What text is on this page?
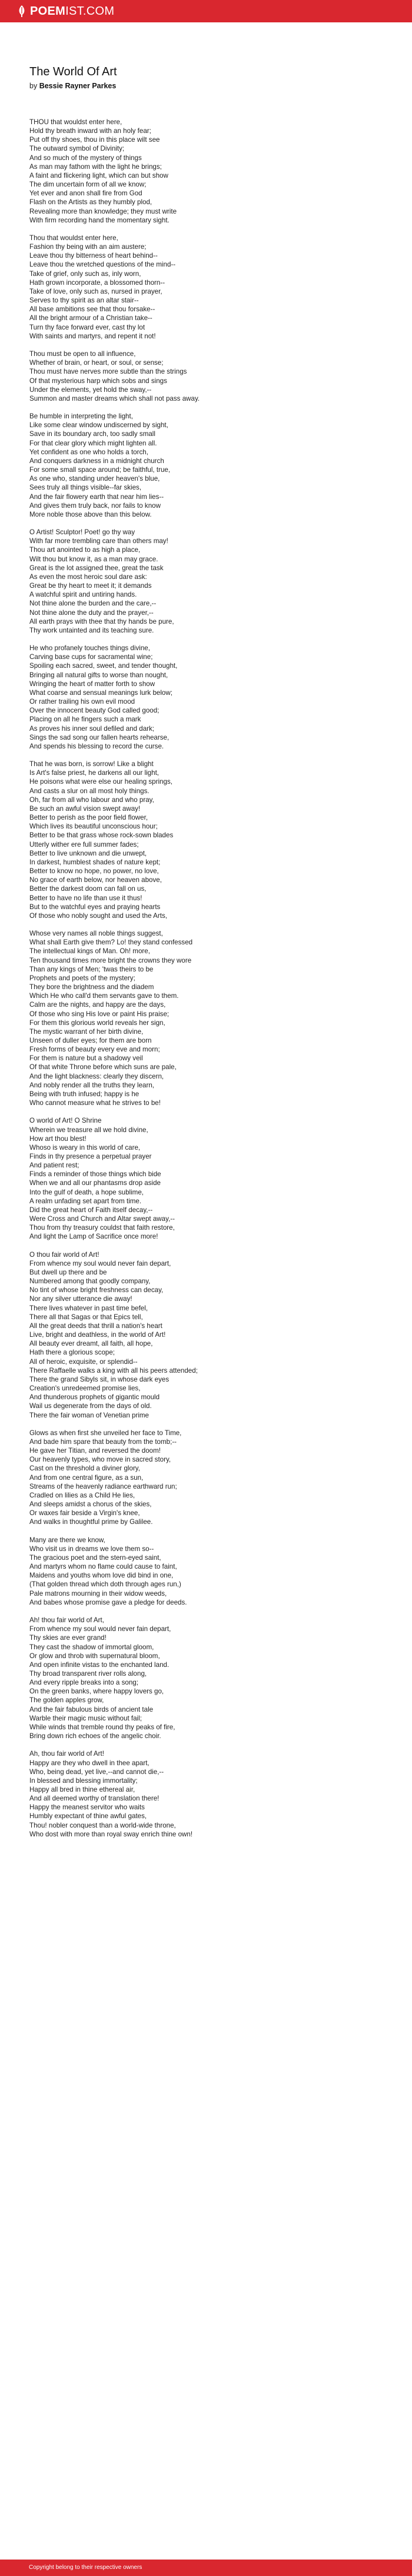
POEMIST.COM
The World Of Art
by Bessie Rayner Parkes
THOU that wouldst enter here,
Hold thy breath inward with an holy fear;
Put off thy shoes, thou in this place wilt see
The outward symbol of Divinity;
And so much of the mystery of things
As man may fathom with the light he brings;
A faint and flickering light, which can but show
The dim uncertain form of all we know;
Yet ever and anon shall fire from God
Flash on the Artists as they humbly plod,
Revealing more than knowledge; they must write
With firm recording hand the momentary sight.
Thou that wouldst enter here,
Fashion thy being with an aim austere;
Leave thou thy bitterness of heart behind--
Leave thou the wretched questions of the mind--
Take of grief, only such as, inly worn,
Hath grown incorporate, a blossomed thorn--
Take of love, only such as, nursed in prayer,
Serves to thy spirit as an altar stair--
All base ambitions see that thou forsake--
All the bright armour of a Christian take--
Turn thy face forward ever, cast thy lot
With saints and martyrs, and repent it not!
Thou must be open to all influence,
Whether of brain, or heart, or soul, or sense;
Thou must have nerves more subtle than the strings
Of that mysterious harp which sobs and sings
Under the elements, yet hold the sway,--
Summon and master dreams which shall not pass away.
Be humble in interpreting the light,
Like some clear window undiscerned by sight,
Save in its boundary arch, too sadly small
For that clear glory which might lighten all.
Yet confident as one who holds a torch,
And conquers darkness in a midnight church
For some small space around; be faithful, true,
As one who, standing under heaven's blue,
Sees truly all things visible--far skies,
And the fair flowery earth that near him lies--
And gives them truly back, nor fails to know
More noble those above than this below.
O Artist! Sculptor! Poet! go thy way
With far more trembling care than others may!
Thou art anointed to as high a place,
Wilt thou but know it, as a man may grace.
Great is the lot assigned thee, great the task
As even the most heroic soul dare ask:
Great be thy heart to meet it; it demands
A watchful spirit and untiring hands.
Not thine alone the burden and the care,--
Not thine alone the duty and the prayer,--
All earth prays with thee that thy hands be pure,
Thy work untainted and its teaching sure.
He who profanely touches things divine,
Carving base cups for sacramental wine;
Spoiling each sacred, sweet, and tender thought,
Bringing all natural gifts to worse than nought,
Wringing the heart of matter forth to show
What coarse and sensual meanings lurk below;
Or rather trailing his own evil mood
Over the innocent beauty God called good;
Placing on all he fingers such a mark
As proves his inner soul defiled and dark;
Sings the sad song our fallen hearts rehearse,
And spends his blessing to record the curse.
That he was born, is sorrow! Like a blight
Is Art's false priest, he darkens all our light,
He poisons what were else our healing springs,
And casts a slur on all most holy things.
Oh, far from all who labour and who pray,
Be such an awful vision swept away!
Better to perish as the poor field flower,
Which lives its beautiful unconscious hour;
Better to be that grass whose rock-sown blades
Utterly wither ere full summer fades;
Better to live unknown and die unwept,
In darkest, humblest shades of nature kept;
Better to know no hope, no power, no love,
No grace of earth below, nor heaven above,
Better the darkest doom can fall on us,
Better to have no life than use it thus!
But to the watchful eyes and praying hearts
Of those who nobly sought and used the Arts,
Whose very names all noble things suggest,
What shall Earth give them? Lo! they stand confessed
The intellectual kings of Man. Oh! more,
Ten thousand times more bright the crowns they wore
Than any kings of Men; 'twas theirs to be
Prophets and poets of the mystery;
They bore the brightness and the diadem
Which He who call'd them servants gave to them.
Calm are the nights, and happy are the days,
Of those who sing His love or paint His praise;
For them this glorious world reveals her sign,
The mystic warrant of her birth divine,
Unseen of duller eyes; for them are born
Fresh forms of beauty every eve and morn;
For them is nature but a shadowy veil
Of that white Throne before which suns are pale,
And the light blackness: clearly they discern,
And nobly render all the truths they learn,
Being with truth infused; happy is he
Who cannot measure what he strives to be!
O world of Art! O Shrine
Wherein we treasure all we hold divine,
How art thou blest!
Whoso is weary in this world of care,
Finds in thy presence a perpetual prayer
And patient rest;
Finds a reminder of those things which bide
When we and all our phantasms drop aside
Into the gulf of death, a hope sublime,
A realm unfading set apart from time.
Did the great heart of Faith itself decay,--
Were Cross and Church and Altar swept away,--
Thou from thy treasury couldst that faith restore,
And light the Lamp of Sacrifice once more!
O thou fair world of Art!
From whence my soul would never fain depart,
But dwell up there and be
Numbered among that goodly company,
No tint of whose bright freshness can decay,
Nor any silver utterance die away!
There lives whatever in past time befel,
There all that Sagas or that Epics tell,
All the great deeds that thrill a nation's heart
Live, bright and deathless, in the world of Art!
All beauty ever dreamt, all faith, all hope,
Hath there a glorious scope;
All of heroic, exquisite, or splendid--
There Raffaelle walks a king with all his peers attended;
There the grand Sibyls sit, in whose dark eyes
Creation's unredeemed promise lies,
And thunderous prophets of gigantic mould
Wail us degenerate from the days of old.
There the fair woman of Venetian prime
Glows as when first she unveiled her face to Time,
And bade him spare that beauty from the tomb;--
He gave her Titian, and reversed the doom!
Our heavenly types, who move in sacred story,
Cast on the threshold a diviner glory,
And from one central figure, as a sun,
Streams of the heavenly radiance earthward run;
Cradled on lilies as a Child He lies,
And sleeps amidst a chorus of the skies,
Or waxes fair beside a Virgin's knee,
And walks in thoughtful prime by Galilee.
Many are there we know,
Who visit us in dreams we love them so--
The gracious poet and the stern-eyed saint,
And martyrs whom no flame could cause to faint,
Maidens and youths whom love did bind in one,
(That golden thread which doth through ages run,)
Pale matrons mourning in their widow weeds,
And babes whose promise gave a pledge for deeds.
Ah! thou fair world of Art,
From whence my soul would never fain depart,
Thy skies are ever grand!
They cast the shadow of immortal gloom,
Or glow and throb with supernatural bloom,
And open infinite vistas to the enchanted land.
Thy broad transparent river rolls along,
And every ripple breaks into a song;
On the green banks, where happy lovers go,
The golden apples grow,
And the fair fabulous birds of ancient tale
Warble their magic music without fail;
While winds that tremble round thy peaks of fire,
Bring down rich echoes of the angelic choir.
Ah, thou fair world of Art!
Happy are they who dwell in thee apart,
Who, being dead, yet live,--and cannot die,--
In blessed and blessing immortality;
Happy all bred in thine ethereal air,
And all deemed worthy of translation there!
Happy the meanest servitor who waits
Humbly expectant of thine awful gates,
Thou! nobler conquest than a world-wide throne,
Who dost with more than royal sway enrich thine own!
Copyright belong to their respective owners
